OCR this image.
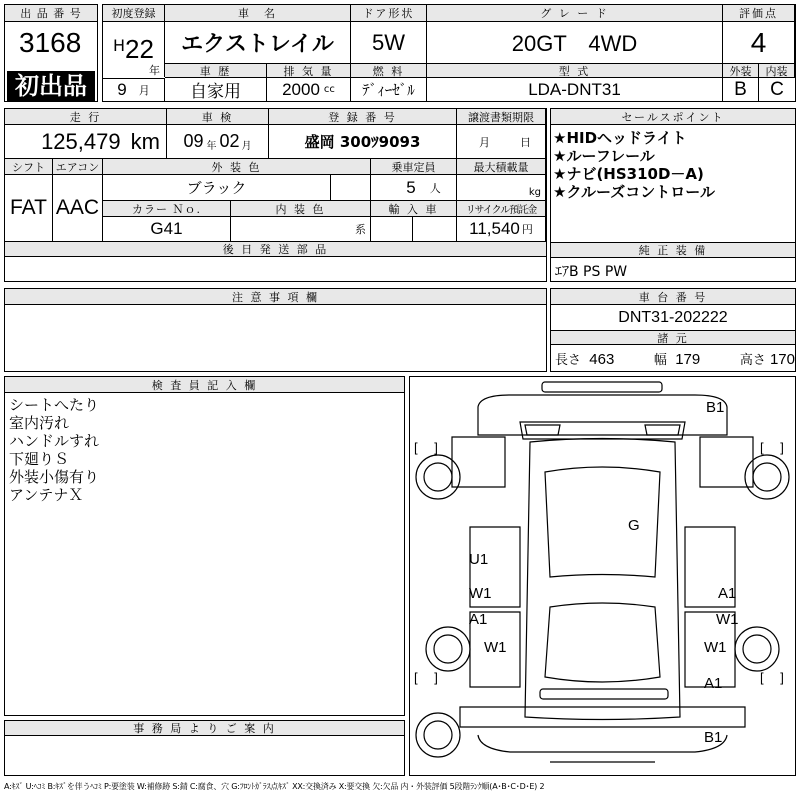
出 品 番 号
3168
初出品
初度登録	車　名	ドア形状	グ レ ー ド	評価点
H 22
年
エクストレイル	5W	20GT　4WD	4
車 歴	排 気 量	燃 料	型 式	外装	内装
9 月	自家用	2000 cc	ﾃﾞｨｰｾﾞﾙ	LDA-DNT31	B	C
走 行	車 検	登 録 番 号	譲渡書類期限
125,479 km 09 年 02 月	盛岡 300ﾂ9093	月	日
シフト エアコン	外 装 色	乗車定員	最大積載量
FAT AAC
ブラック	5 人	kg
カラー Ｎｏ.	内 装 色	輸 入 車	リサイクル預託金
G41	系	11,540 円
後 日 発 送 部 品
セールスポイント
★HIDヘッドライト
★ルーフレール
★ナビ(HS310D－A)
★クルーズコントロール
純 正 装 備
ｴｱB PS PW
注 意 事 項 欄	車 台 番 号
DNT31-202222
諸 元
長さ 463	幅 179	高さ 170
検 査 員 記 入 欄
シートへたり
室内汚れ
ハンドルすれ
下廻りＳ
外装小傷有り
アンテナＸ
事 務 局 よ り ご 案 内
[　 ]	[　 ]
[　 ]	[　 ]
B1
G
U1
W1
A1
W1
A1
W1
W1
A1
B1
A:ｷｽﾞ U:ﾍｺﾐ B:ｷｽﾞを伴うﾍｺﾐ P:要塗装 W:補修跡 S:錆 C:腐食、穴 G:ﾌﾛﾝﾄｶﾞﾗｽ点ｷｽﾞ XX:交換済み X:要交換 欠:欠品 内・外装評価 5段階ﾗﾝｸ順(A･B･C･D･E) 2
